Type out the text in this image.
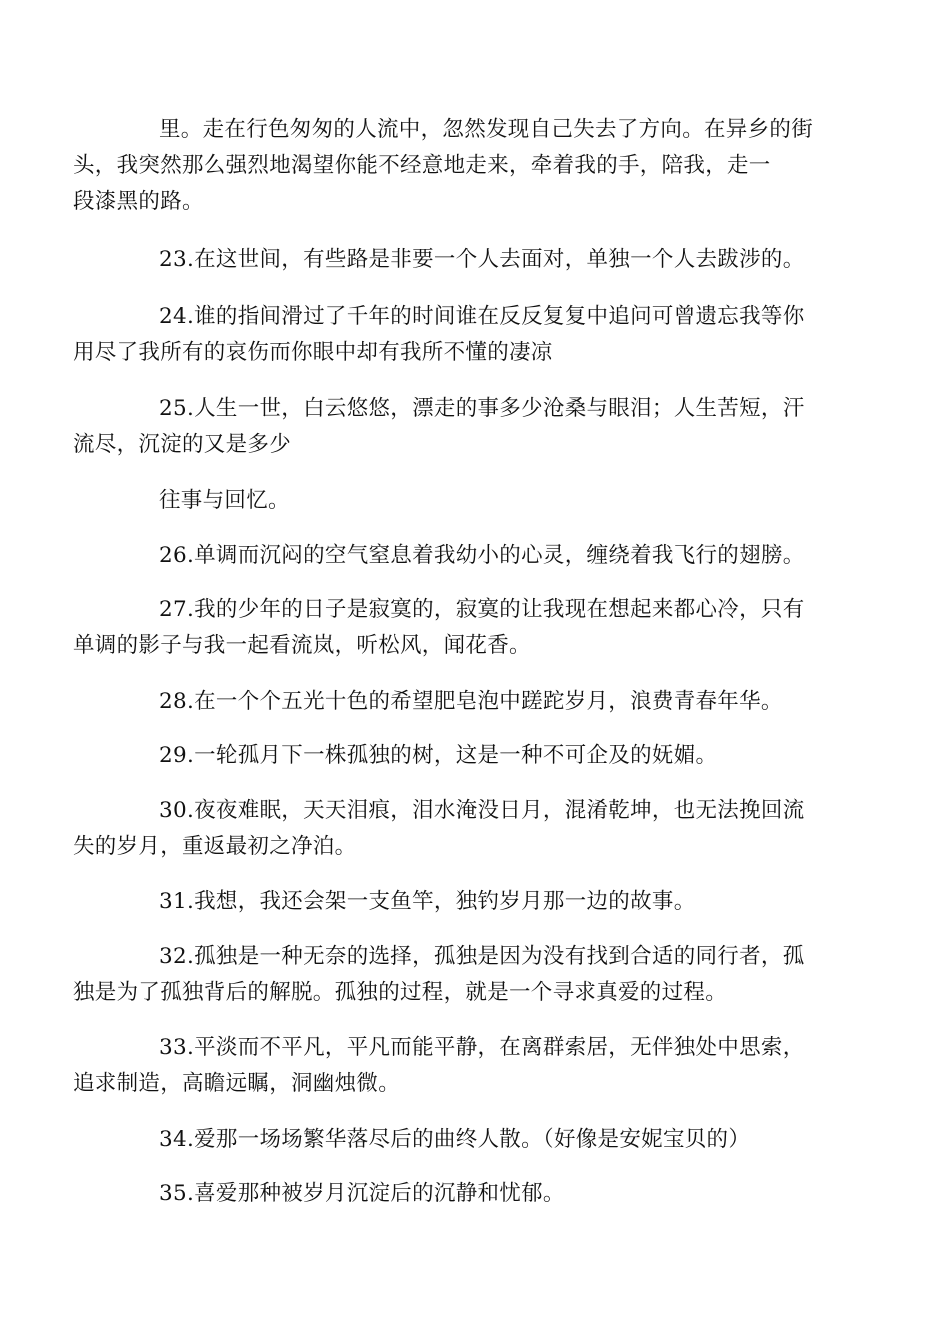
里。走在行色匆匆的人流中，忽然发现自己失去了方向。在异乡的街
头，我突然那么强烈地渴望你能不经意地走来，牵着我的手，陪我，走一
段漆黑的路。

23.在这世间，有些路是非要一个人去面对，单独一个人去跋涉的。

24.谁的指间滑过了千年的时间谁在反反复复中追问可曾遗忘我等你
用尽了我所有的哀伤而你眼中却有我所不懂的凄凉

25.人生一世，白云悠悠，漂走的事多少沧桑与眼泪；人生苦短，汗
流尽，沉淀的又是多少

往事与回忆。

26.单调而沉闷的空气窒息着我幼小的心灵，缠绕着我飞行的翅膀。

27.我的少年的日子是寂寞的，寂寞的让我现在想起来都心冷，只有
单调的影子与我一起看流岚，听松风，闻花香。

28.在一个个五光十色的希望肥皂泡中蹉跎岁月，浪费青春年华。

29.一轮孤月下一株孤独的树，这是一种不可企及的妩媚。

30.夜夜难眠，天天泪痕，泪水淹没日月，混淆乾坤，也无法挽回流
失的岁月，重返最初之净泊。

31.我想，我还会架一支鱼竿，独钓岁月那一边的故事。

32.孤独是一种无奈的选择，孤独是因为没有找到合适的同行者，孤
独是为了孤独背后的解脱。孤独的过程，就是一个寻求真爱的过程。

33.平淡而不平凡，平凡而能平静，在离群索居，无伴独处中思索，
追求制造，高瞻远瞩，洞幽烛微。

34.爱那一场场繁华落尽后的曲终人散。（好像是安妮宝贝的）

35.喜爱那种被岁月沉淀后的沉静和忧郁。
